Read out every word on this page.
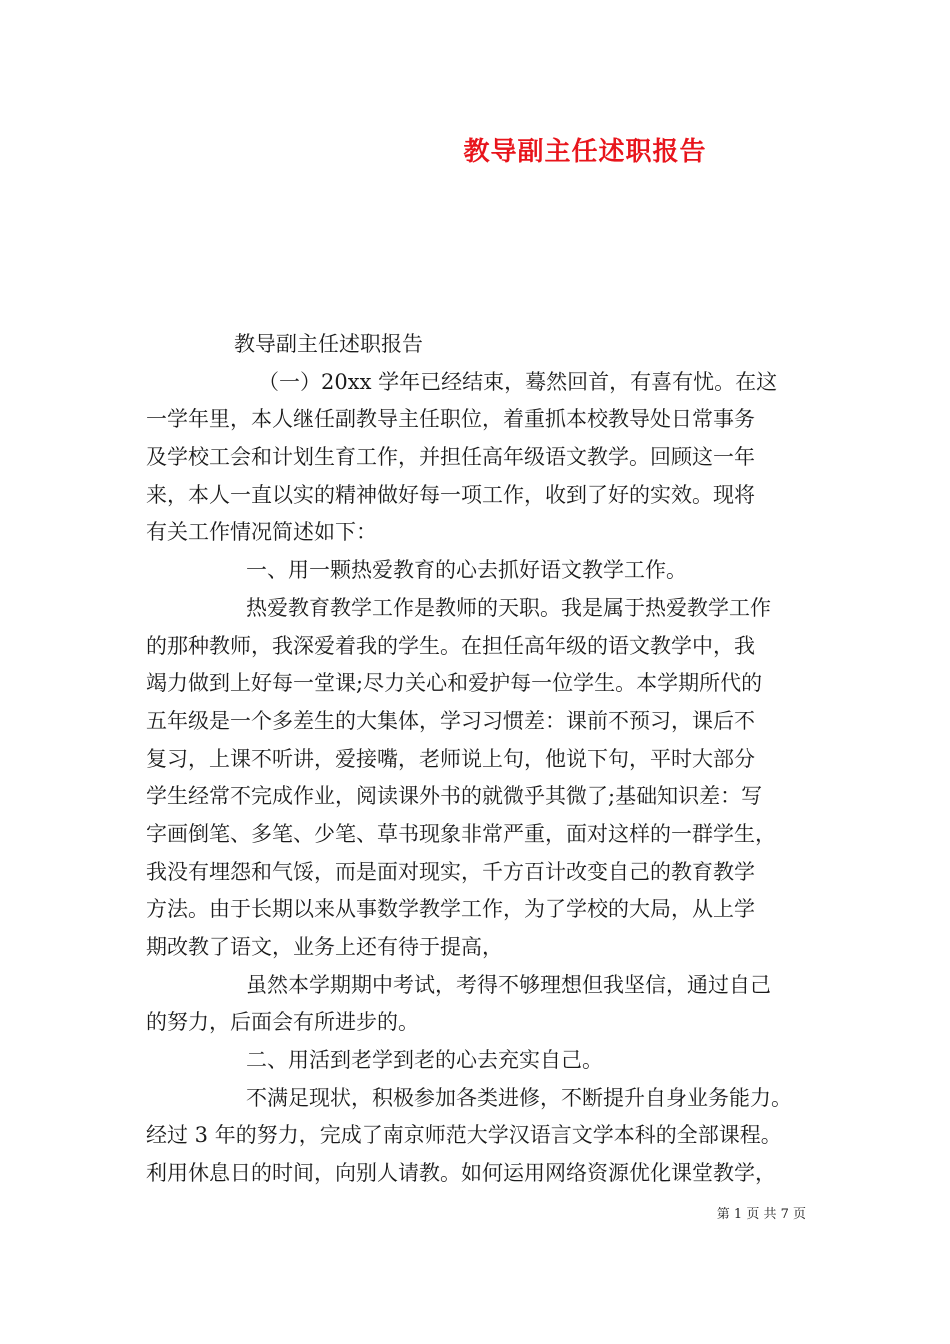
教导副主任述职报告
教导副主任述职报告
（一）20xx 学年已经结束，蓦然回首，有喜有忧。在这
一学年里，本人继任副教导主任职位，着重抓本校教导处日常事务
及学校工会和计划生育工作，并担任高年级语文教学。回顾这一年
来，本人一直以实的精神做好每一项工作，收到了好的实效。现将
有关工作情况简述如下：
一、用一颗热爱教育的心去抓好语文教学工作。
热爱教育教学工作是教师的天职。我是属于热爱教学工作
的那种教师，我深爱着我的学生。在担任高年级的语文教学中，我
竭力做到上好每一堂课;尽力关心和爱护每一位学生。本学期所代的
五年级是一个多差生的大集体，学习习惯差：课前不预习，课后不
复习，上课不听讲，爱接嘴，老师说上句，他说下句，平时大部分
学生经常不完成作业，阅读课外书的就微乎其微了;基础知识差：写
字画倒笔、多笔、少笔、草书现象非常严重，面对这样的一群学生，
我没有埋怨和气馁，而是面对现实，千方百计改变自己的教育教学
方法。由于长期以来从事数学教学工作，为了学校的大局，从上学
期改教了语文，业务上还有待于提高，
虽然本学期期中考试，考得不够理想但我坚信，通过自己
的努力，后面会有所进步的。
二、用活到老学到老的心去充实自己。
不满足现状，积极参加各类进修，不断提升自身业务能力。
经过 3 年的努力，完成了南京师范大学汉语言文学本科的全部课程。
利用休息日的时间，向别人请教。如何运用网络资源优化课堂教学，
第 1 页 共 7 页
